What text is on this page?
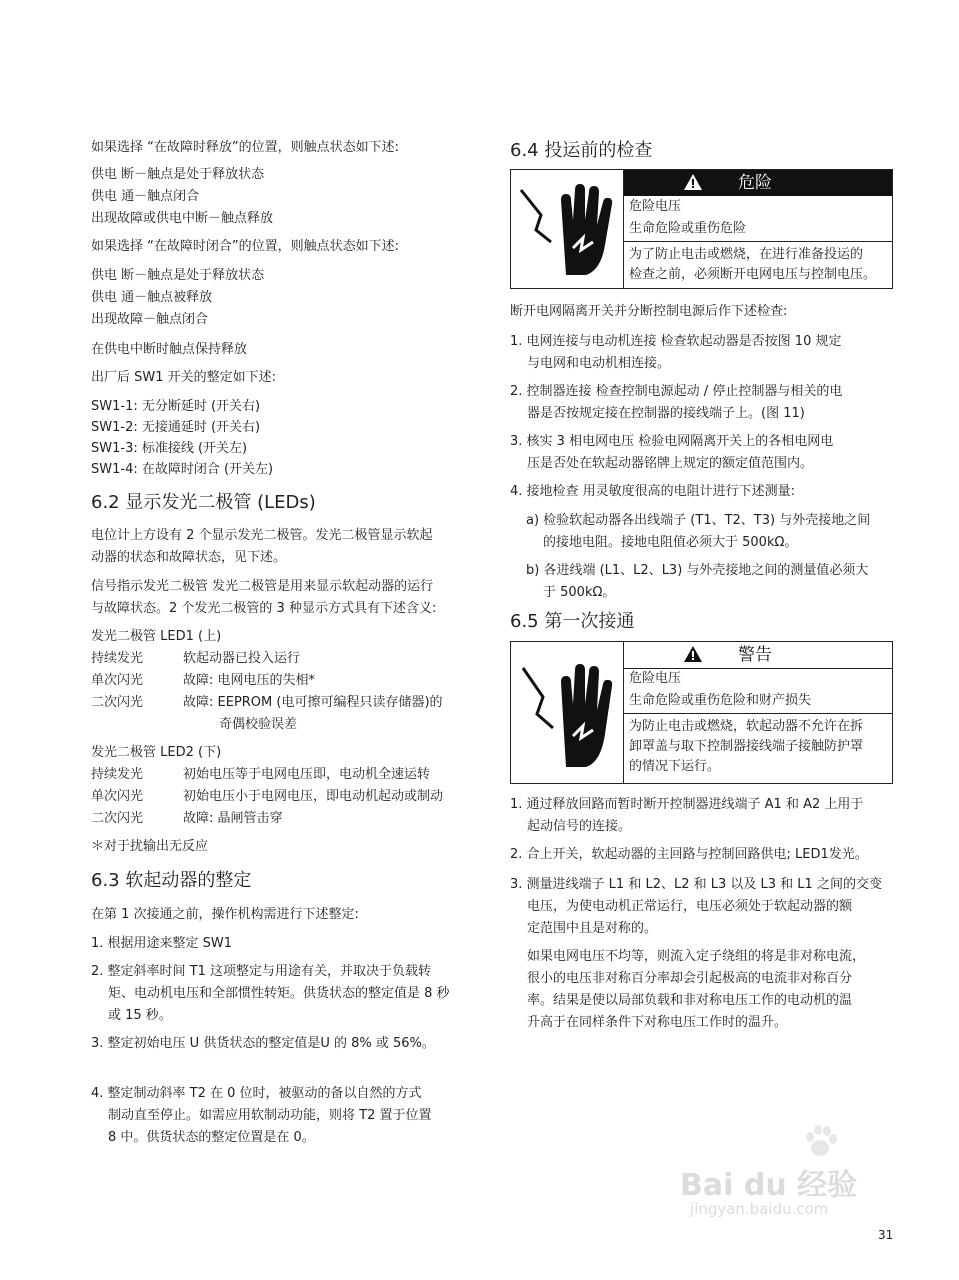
如果选择 “在故障时释放”的位置，则触点状态如下述:
供电 断－触点是处于释放状态
供电 通－触点闭合
出现故障或供电中断－触点释放
如果选择 “在故障时闭合”的位置，则触点状态如下述:
供电 断－触点是处于释放状态
供电 通－触点被释放
出现故障－触点闭合
在供电中断时触点保持释放
出厂后 SW1 开关的整定如下述:
SW1-1: 无分断延时 (开关右)
SW1-2: 无接通延时 (开关右)
SW1-3: 标准接线 (开关左)
SW1-4: 在故障时闭合 (开关左)
6.2 显示发光二极管 (LEDs)
电位计上方设有 2 个显示发光二极管。发光二极管显示软起
动器的状态和故障状态，见下述。
信号指示发光二极管 发光二极管是用来显示软起动器的运行
与故障状态。2 个发光二极管的 3 种显示方式具有下述含义:
发光二极管 LED1 (上)
持续发光	软起动器已投入运行
单次闪光	故障: 电网电压的失相*
二次闪光	故障: EEPROM (电可擦可编程只读存储器)的
奇偶校验误差
发光二极管 LED2 (下)
持续发光	初始电压等于电网电压即，电动机全速运转
单次闪光	初始电压小于电网电压，即电动机起动或制动
二次闪光	故障: 晶闸管击穿
＊对于扰输出无反应
6.3 软起动器的整定
在第 1 次接通之前，操作机构需进行下述整定:
1. 根据用途来整定 SW1
2. 整定斜率时间 T1 这项整定与用途有关，并取决于负载转
矩、电动机电压和全部惯性转矩。供货状态的整定值是 8 秒
或 15 秒。
3. 整定初始电压 U 供货状态的整定值是U 的 8% 或 56%。
4. 整定制动斜率 T2 在 0 位时，被驱动的备以自然的方式
制动直至停止。如需应用软制动功能，则将 T2 置于位置
8 中。供货状态的整定位置是在 0。
6.4 投运前的检查
危险
危险电压
生命危险或重伤危险
为了防止电击或燃烧，在进行准备投运的
检查之前，必须断开电网电压与控制电压。
断开电网隔离开关并分断控制电源后作下述检查:
1. 电网连接与电动机连接 检查软起动器是否按图 10 规定
与电网和电动机相连接。
2. 控制器连接 检查控制电源起动 / 停止控制器与相关的电
器是否按规定接在控制器的接线端子上。(图 11)
3. 核实 3 相电网电压 检验电网隔离开关上的各相电网电
压是否处在软起动器铭牌上规定的额定值范围内。
4. 接地检查 用灵敏度很高的电阻计进行下述测量:
a) 检验软起动器各出线端子 (T1、T2、T3) 与外壳接地之间
的接地电阻。接地电阻值必须大于 500kΩ。
b) 各进线端 (L1、L2、L3) 与外壳接地之间的测量值必须大
于 500kΩ。
6.5 第一次接通
警告
危险电压
生命危险或重伤危险和财产损失
为防止电击或燃烧，软起动器不允许在拆
卸罩盖与取下控制器接线端子接触防护罩
的情况下运行。
1. 通过释放回路而暂时断开控制器进线端子 A1 和 A2 上用于
起动信号的连接。
2. 合上开关，软起动器的主回路与控制回路供电; LED1发光。
3. 测量进线端子 L1 和 L2、L2 和 L3 以及 L3 和 L1 之间的交变
电压，为使电动机正常运行，电压必须处于软起动器的额
定范围中且是对称的。
如果电网电压不均等，则流入定子绕组的将是非对称电流，
很小的电压非对称百分率却会引起极高的电流非对称百分
率。结果是使以局部负载和非对称电压工作的电动机的温
升高于在同样条件下对称电压工作时的温升。
Bai du 经验
jingyan.baidu.com
31
